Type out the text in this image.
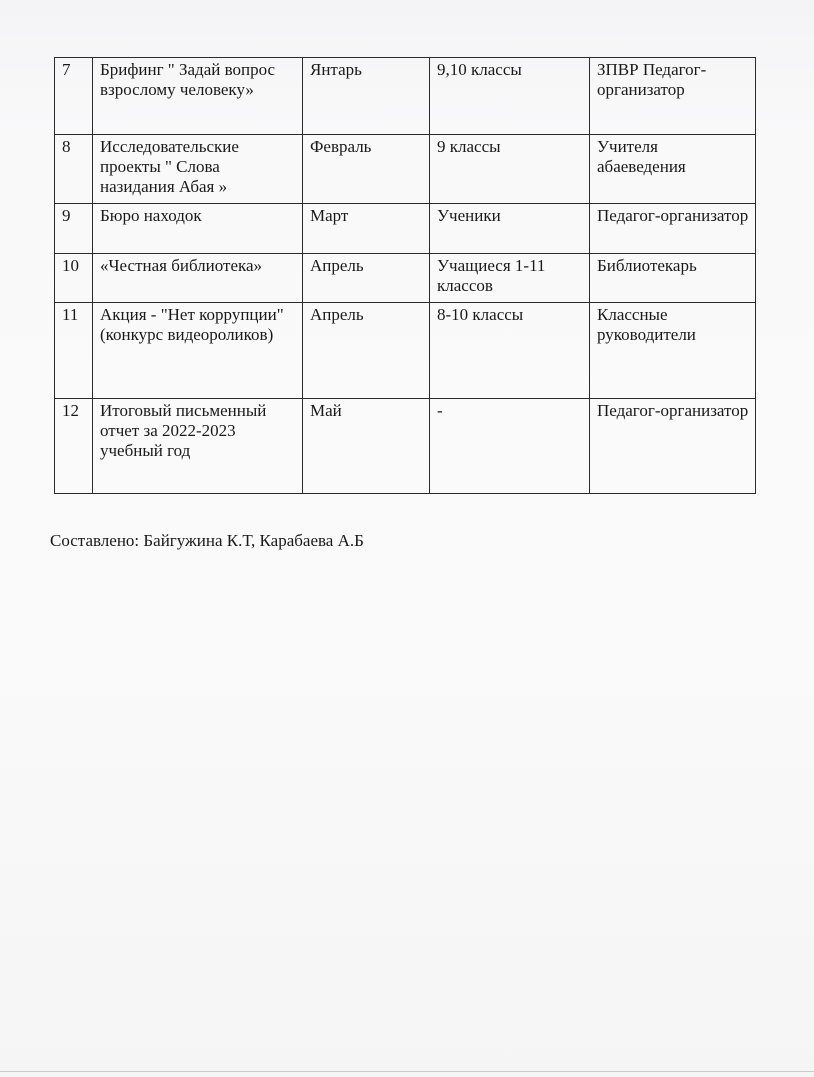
7	Брифинг " Задай вопрос взрослому человеку»	Янтарь	9,10 классы	ЗПВР Педагог-организатор
8	Исследовательские проекты " Слова назидания Абая »	Февраль	9 классы	Учителя абаеведения
9	Бюро находок	Март	Ученики	Педагог-организатор
10	«Честная библиотека»	Апрель	Учащиеся 1-11 классов	Библиотекарь
11	Акция - "Нет коррупции" (конкурс видеороликов)	Апрель	8-10 классы	Классные руководители
12	Итоговый письменный отчет за 2022-2023 учебный год	Май	-	Педагог-организатор
Составлено: Байгужина К.Т, Карабаева А.Б
